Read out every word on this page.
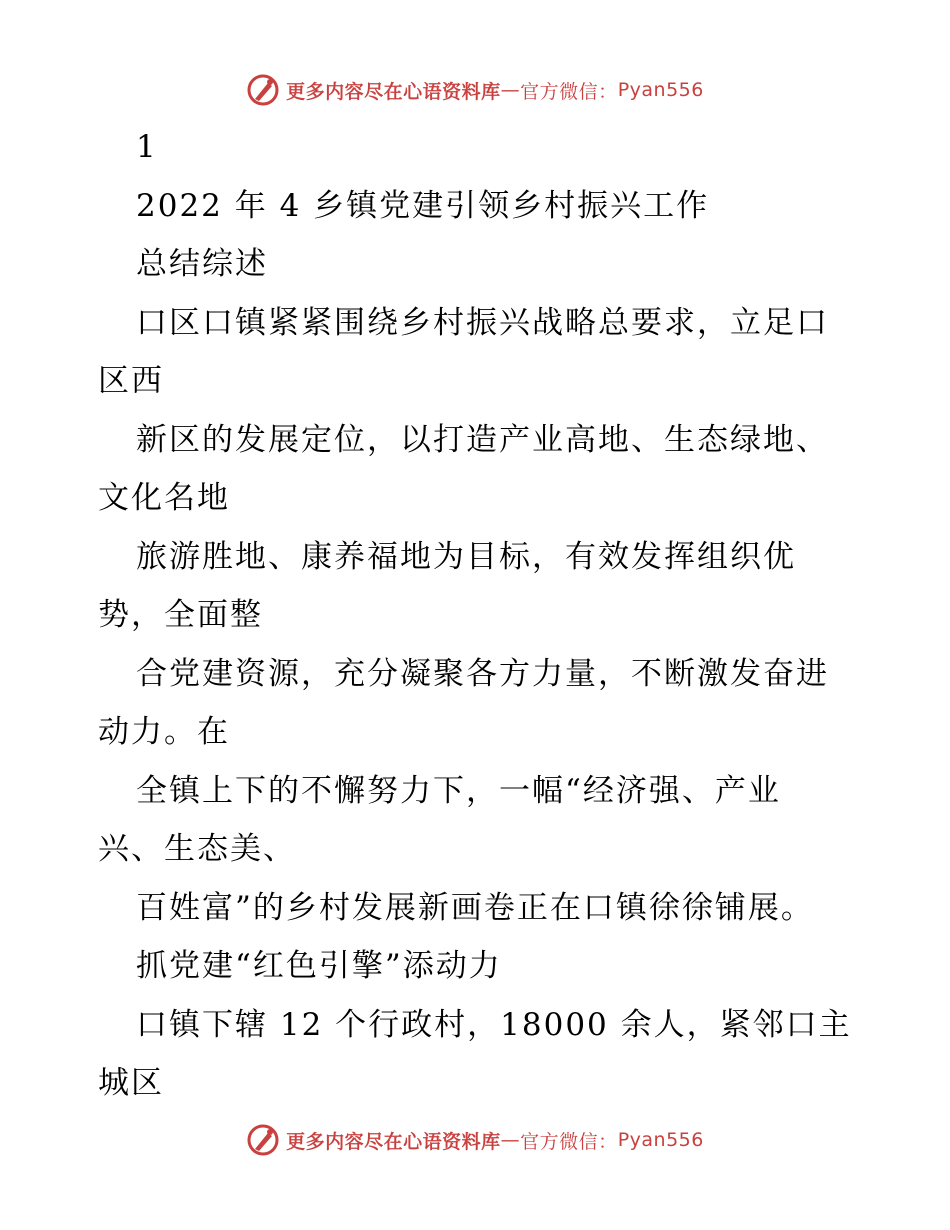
更多内容尽在心语资料库 — 官方微信： Pyan556
1
2022 年 4 乡镇党建引领乡村振兴工作
总结综述
口区口镇紧紧围绕乡村振兴战略总要求，立足口
区西
新区的发展定位，以打造产业高地、生态绿地、
文化名地
旅游胜地、康养福地为目标，有效发挥组织优
势，全面整
合党建资源，充分凝聚各方力量，不断激发奋进
动力。在
全镇上下的不懈努力下，一幅“经济强、产业
兴、生态美、
百姓富”的乡村发展新画卷正在口镇徐徐铺展。
抓党建“红色引擎”添动力
口镇下辖 12 个行政村，18000 余人，紧邻口主
城区
更多内容尽在心语资料库 — 官方微信： Pyan556
